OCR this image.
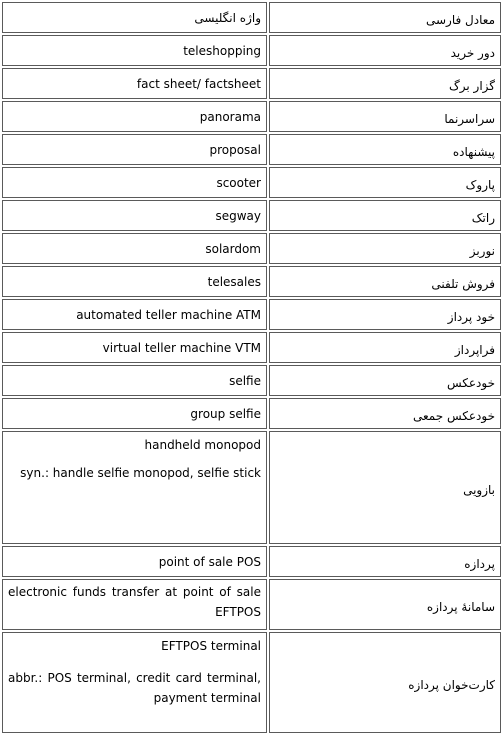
واژه انگلیسی	معادل فارسی
teleshopping	دور خرید
fact sheet/ factsheet	گزار برگ
panorama	سراسرنما
proposal	پیشنهاده
scooter	پاروک
segway	راتک
solardom	نوربز
telesales	فروش تلفنی
automated teller machine ATM	خود پرداز
virtual teller machine VTM	فراپرداز
selfie	خودعکس
group selfie	خودعکس جمعی

handheld monopod
syn.: handle selfie monopod, selfie stick	بازویی
point of sale POS	پردازه

electronic funds transfer at point of sale
EFTPOS	سامانهٔ پردازه

EFTPOS terminal
abbr.: POS terminal, credit card terminal,
payment terminal	کارت‌خوان پردازه
